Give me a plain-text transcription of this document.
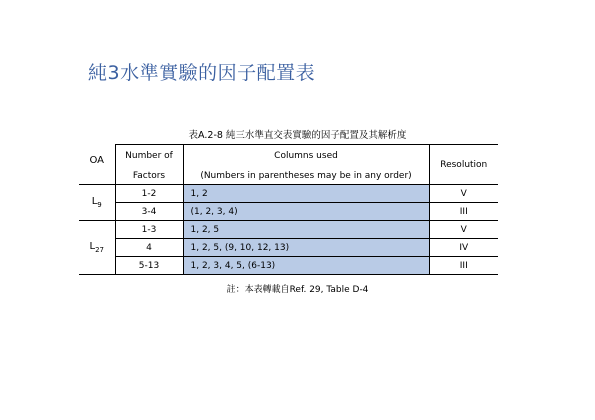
純3水準實驗的因子配置表
表A.2-8 純三水準直交表實驗的因子配置及其解析度
OA	Number of	Columns used	Resolution
	Factors	(Numbers in parentheses may be in any order)	
$L_9$	1-2	1, 2	V
	3-4	(1, 2, 3, 4)	III
$L_{27}$	1-3	1, 2, 5	V
	4	1, 2, 5, (9, 10, 12, 13)	IV
	5-13	1, 2, 3, 4, 5, (6-13)	III
註：本表轉載自Ref. 29, Table D-4
